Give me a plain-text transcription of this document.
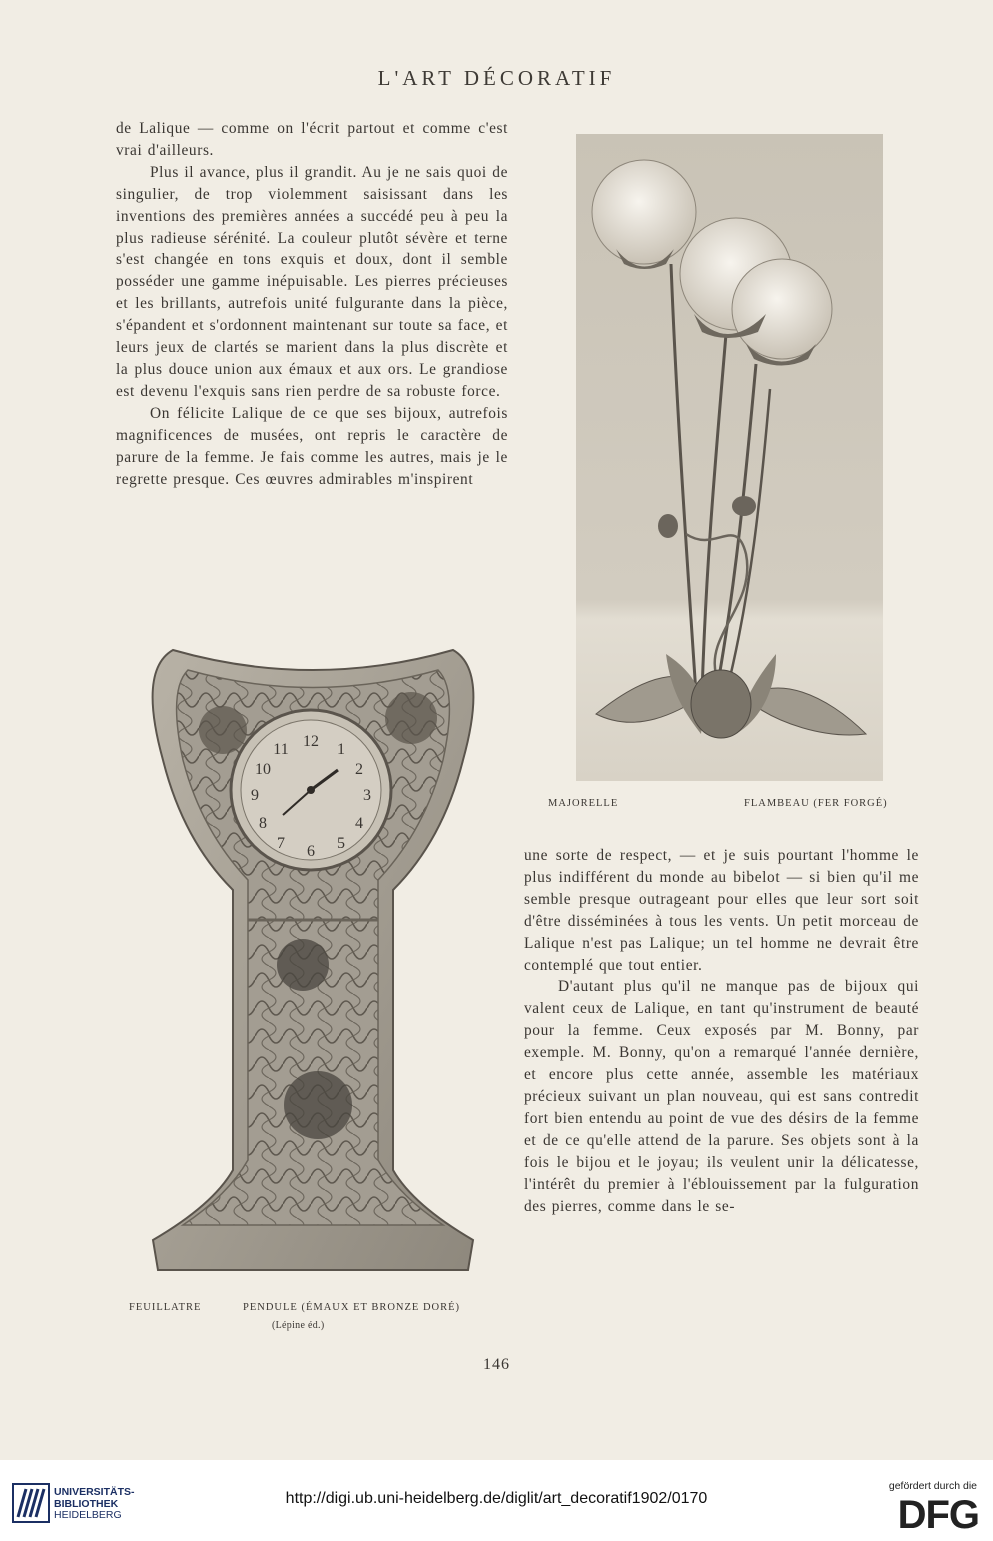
L'ART DÉCORATIF

de Lalique — comme on l'écrit partout et comme c'est vrai d'ailleurs.

Plus il avance, plus il grandit. Au je ne sais quoi de singulier, de trop violemment saisissant dans les inventions des premières années a succédé peu à peu la plus radieuse sérénité. La couleur plutôt sévère et terne s'est changée en tons exquis et doux, dont il semble posséder une gamme inépuisable. Les pierres précieuses et les brillants, autrefois unité fulgurante dans la pièce, s'épandent et s'ordonnent maintenant sur toute sa face, et leurs jeux de clartés se marient dans la plus discrète et la plus douce union aux émaux et aux ors. Le grandiose est devenu l'exquis sans rien perdre de sa robuste force.

On félicite Lalique de ce que ses bijoux, autrefois magnificences de musées, ont repris le caractère de parure de la femme. Je fais comme les autres, mais je le regrette presque. Ces œuvres admirables m'inspirent

MAJORELLE	FLAMBEAU (FER FORGÉ)
12 1
2
3
4
5
6
7
8
9
10
11
FEUILLATRE	PENDULE (ÉMAUX ET BRONZE DORÉ)
(Lépine éd.)

une sorte de respect, — et je suis pourtant l'homme le plus indifférent du monde au bibelot — si bien qu'il me semble presque outrageant pour elles que leur sort soit d'être disséminées à tous les vents. Un petit morceau de Lalique n'est pas Lalique; un tel homme ne devrait être contemplé que tout entier.

D'autant plus qu'il ne manque pas de bijoux qui valent ceux de Lalique, en tant qu'instrument de beauté pour la femme. Ceux exposés par M. Bonny, par exemple. M. Bonny, qu'on a remarqué l'année dernière, et encore plus cette année, assemble les matériaux précieux suivant un plan nouveau, qui est sans contredit fort bien entendu au point de vue des désirs de la femme et de ce qu'elle attend de la parure. Ses objets sont à la fois le bijou et le joyau; ils veulent unir la délicatesse, l'intérêt du premier à l'éblouissement par la fulguration des pierres, comme dans le se-

146
UNIVERSITÄTS-
BIBLIOTHEK
HEIDELBERG
http://digi.ub.uni-heidelberg.de/diglit/art_decoratif1902/0170
gefördert durch die
DFG
